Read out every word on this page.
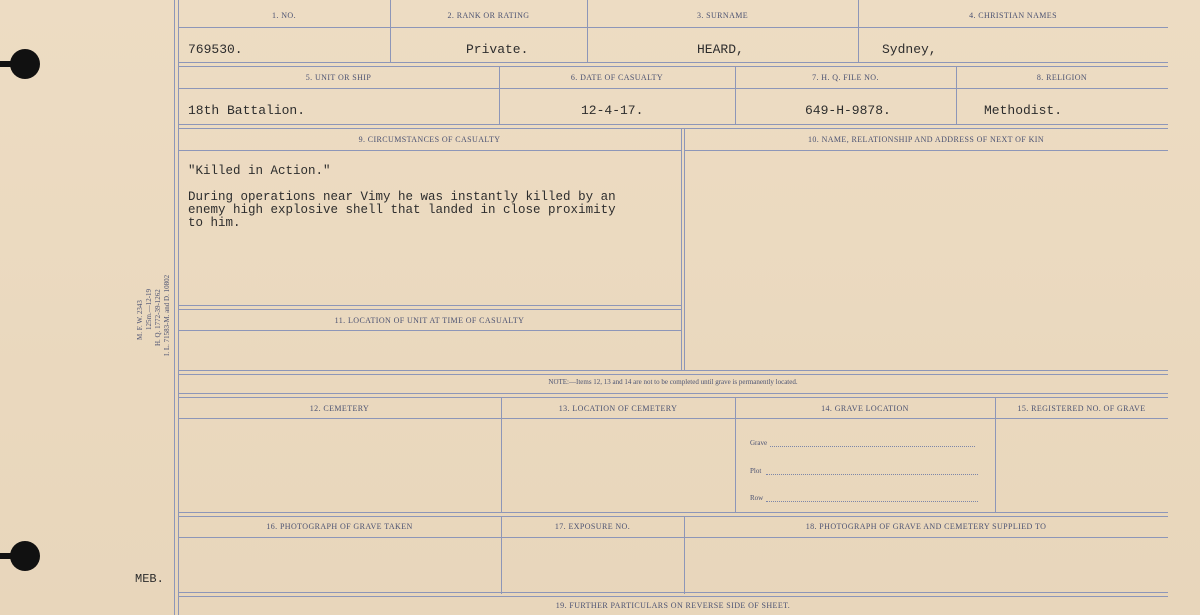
M. F. W. 2343 125m.—12-19 H. Q. 1772-39-1262 I. L. 71583-M. and D. 10802
MEB.
1. NO.	2. RANK OR RATING	3. SURNAME	4. CHRISTIAN NAMES
769530.	Private.	HEARD,	Sydney,
5. UNIT OR SHIP	6. DATE OF CASUALTY	7. H. Q. FILE NO.	8. RELIGION
18th Battalion.	12-4-17.	649-H-9878.	Methodist.
9. CIRCUMSTANCES OF CASUALTY	10. NAME, RELATIONSHIP AND ADDRESS OF NEXT OF KIN
"Killed in Action."
During operations near Vimy he was instantly killed by an
enemy high explosive shell that landed in close proximity
to him.
11. LOCATION OF UNIT AT TIME OF CASUALTY
NOTE:—Items 12, 13 and 14 are not to be completed until grave is permanently located.
12. CEMETERY	13. LOCATION OF CEMETERY	14. GRAVE LOCATION	15. REGISTERED NO. OF GRAVE
Grave
Plot
Row
16. PHOTOGRAPH OF GRAVE TAKEN	17. EXPOSURE NO.	18. PHOTOGRAPH OF GRAVE AND CEMETERY SUPPLIED TO
19. FURTHER PARTICULARS ON REVERSE SIDE OF SHEET.
